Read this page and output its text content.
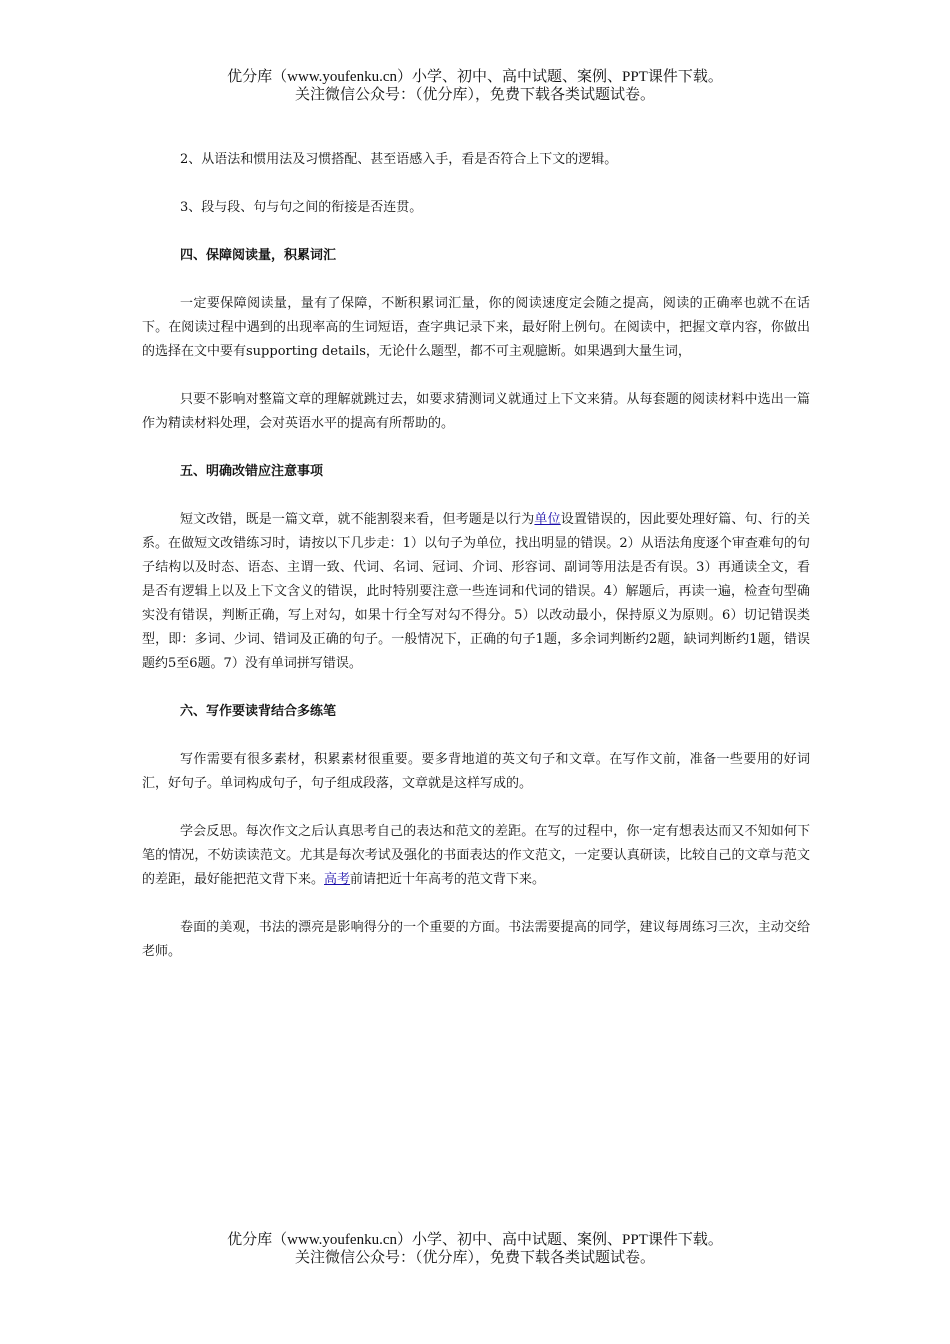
优分库（www.youfenku.cn）小学、初中、高中试题、案例、PPT课件下载。
关注微信公众号：（优分库），免费下载各类试题试卷。

2、从语法和惯用法及习惯搭配、甚至语感入手，看是否符合上下文的逻辑。

3、段与段、句与句之间的衔接是否连贯。

四、保障阅读量，积累词汇

一定要保障阅读量，量有了保障，不断积累词汇量，你的阅读速度定会随之提高，阅读的正确率也就不在话下。在阅读过程中遇到的出现率高的生词短语，查字典记录下来，最好附上例句。在阅读中，把握文章内容，你做出的选择在文中要有supporting details，无论什么题型，都不可主观臆断。如果遇到大量生词，

只要不影响对整篇文章的理解就跳过去，如要求猜测词义就通过上下文来猜。从每套题的阅读材料中选出一篇作为精读材料处理，会对英语水平的提高有所帮助的。

五、明确改错应注意事项

短文改错，既是一篇文章，就不能割裂来看，但考题是以行为单位设置错误的，因此要处理好篇、句、行的关系。在做短文改错练习时，请按以下几步走：1）以句子为单位，找出明显的错误。2）从语法角度逐个审查难句的句子结构以及时态、语态、主谓一致、代词、名词、冠词、介词、形容词、副词等用法是否有误。3）再通读全文，看是否有逻辑上以及上下文含义的错误，此时特别要注意一些连词和代词的错误。4）解题后，再读一遍，检查句型确实没有错误，判断正确，写上对勾，如果十行全写对勾不得分。5）以改动最小，保持原义为原则。6）切记错误类型，即：多词、少词、错词及正确的句子。一般情况下，正确的句子1题，多余词判断约2题，缺词判断约1题，错误题约5至6题。7）没有单词拼写错误。

六、写作要读背结合多练笔

写作需要有很多素材，积累素材很重要。要多背地道的英文句子和文章。在写作文前，准备一些要用的好词汇，好句子。单词构成句子，句子组成段落，文章就是这样写成的。

学会反思。每次作文之后认真思考自己的表达和范文的差距。在写的过程中，你一定有想表达而又不知如何下笔的情况，不妨读读范文。尤其是每次考试及强化的书面表达的作文范文，一定要认真研读，比较自己的文章与范文的差距，最好能把范文背下来。高考前请把近十年高考的范文背下来。

卷面的美观，书法的漂亮是影响得分的一个重要的方面。书法需要提高的同学，建议每周练习三次，主动交给老师。

优分库（www.youfenku.cn）小学、初中、高中试题、案例、PPT课件下载。
关注微信公众号：（优分库），免费下载各类试题试卷。
